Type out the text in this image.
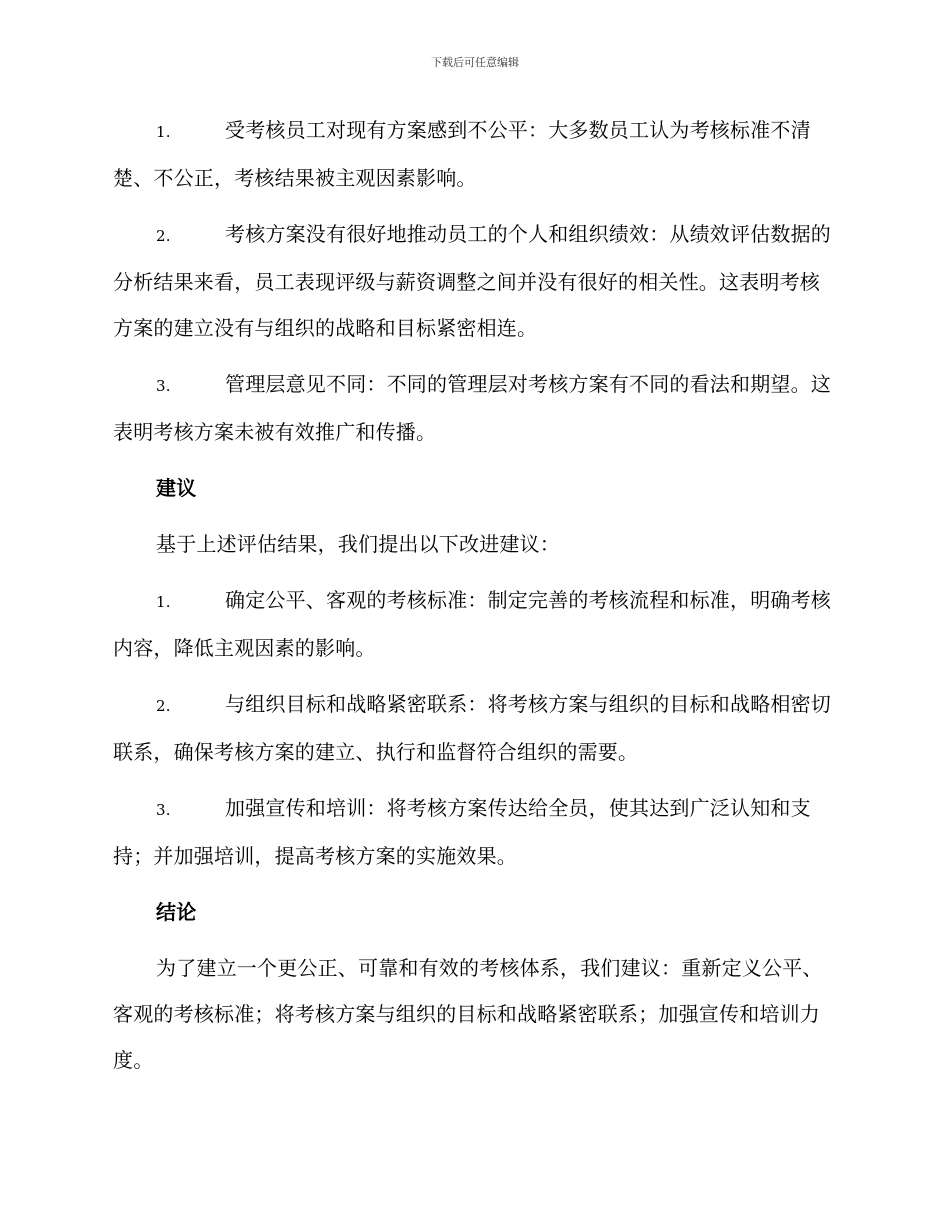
下载后可任意编辑
1.	受考核员工对现有方案感到不公平：大多数员工认为考核标准不清楚、不公正，考核结果被主观因素影响。
2.	考核方案没有很好地推动员工的个人和组织绩效：从绩效评估数据的分析结果来看，员工表现评级与薪资调整之间并没有很好的相关性。这表明考核方案的建立没有与组织的战略和目标紧密相连。
3.	管理层意见不同：不同的管理层对考核方案有不同的看法和期望。这表明考核方案未被有效推广和传播。
建议
基于上述评估结果，我们提出以下改进建议：
1.	确定公平、客观的考核标准：制定完善的考核流程和标准，明确考核内容，降低主观因素的影响。
2.	与组织目标和战略紧密联系：将考核方案与组织的目标和战略相密切联系，确保考核方案的建立、执行和监督符合组织的需要。
3.	加强宣传和培训：将考核方案传达给全员，使其达到广泛认知和支持；并加强培训，提高考核方案的实施效果。
结论
为了建立一个更公正、可靠和有效的考核体系，我们建议：重新定义公平、客观的考核标准；将考核方案与组织的目标和战略紧密联系；加强宣传和培训力度。
